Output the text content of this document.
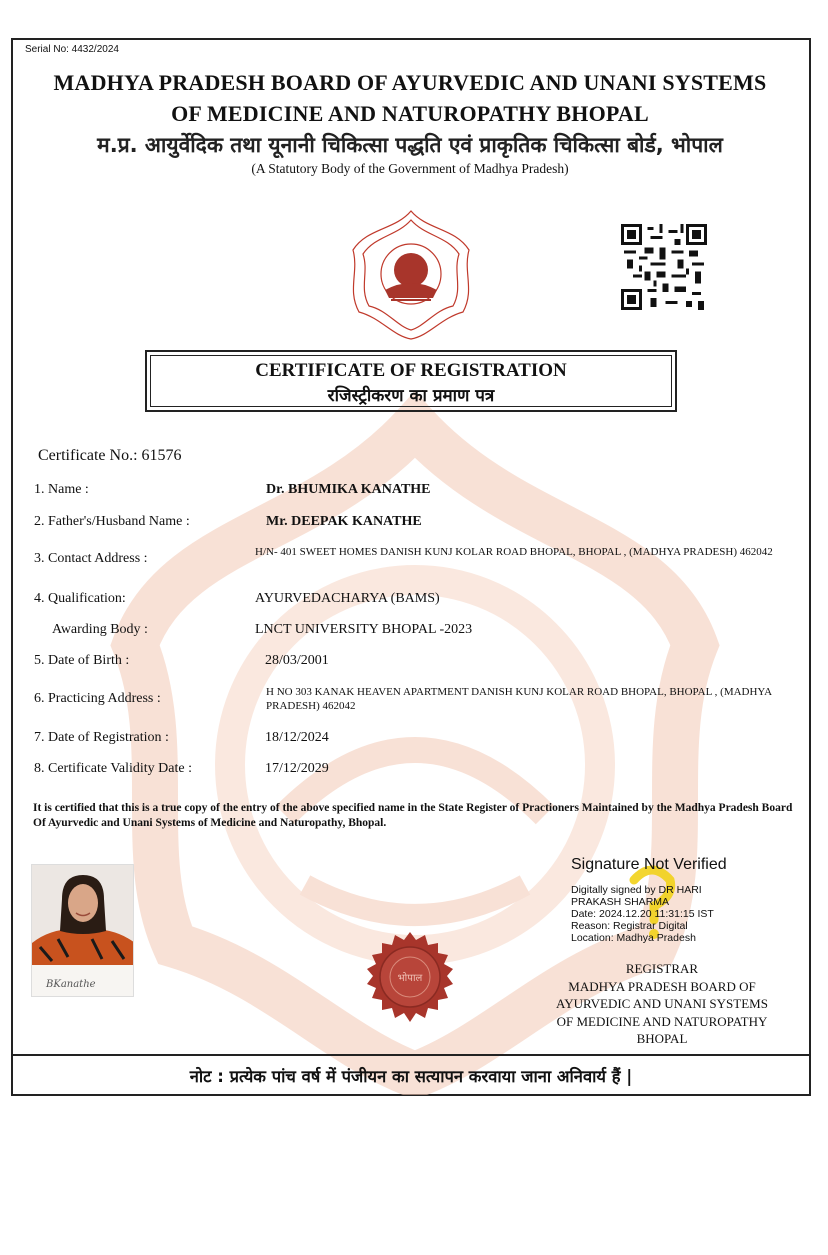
Serial No: 4432/2024
MADHYA PRADESH BOARD OF AYURVEDIC AND UNANI SYSTEMS
OF MEDICINE AND NATUROPATHY BHOPAL
म.प्र. आयुर्वेदिक तथा यूनानी चिकित्सा पद्धति एवं प्राकृतिक चिकित्सा बोर्ड, भोपाल
(A Statutory Body of the Government of Madhya Pradesh)
CERTIFICATE OF REGISTRATION
रजिस्ट्रीकरण का प्रमाण पत्र
Certificate No.: 61576
1. Name :	Dr. BHUMIKA KANATHE
2. Father's/Husband Name :	Mr. DEEPAK KANATHE
3. Contact Address :	H/N- 401 SWEET HOMES DANISH KUNJ KOLAR ROAD BHOPAL, BHOPAL , (MADHYA PRADESH) 462042
4. Qualification:	AYURVEDACHARYA (BAMS)
Awarding Body :	LNCT UNIVERSITY BHOPAL -2023
5. Date of Birth :	28/03/2001
6. Practicing Address :	H NO 303 KANAK HEAVEN APARTMENT DANISH KUNJ KOLAR ROAD BHOPAL, BHOPAL , (MADHYA PRADESH) 462042
7. Date of Registration :	18/12/2024
8. Certificate Validity Date :	17/12/2029
It is certified that this is a true copy of the entry of the above specified name in the State Register of Practioners Maintained by the Madhya Pradesh Board Of Ayurvedic and Unani Systems of Medicine and Naturopathy, Bhopal.
BKanathe
भोपाल
Signature Not Verified
Digitally signed by DR HARI
PRAKASH SHARMA
Date: 2024.12.20 11:31:15 IST
Reason: Registrar Digital
Location: Madhya Pradesh
REGISTRAR
MADHYA PRADESH BOARD OF
AYURVEDIC AND UNANI SYSTEMS
OF MEDICINE AND NATUROPATHY
BHOPAL
नोट : प्रत्येक पांच वर्ष में पंजीयन का सत्यापन करवाया जाना अनिवार्य हैं |
